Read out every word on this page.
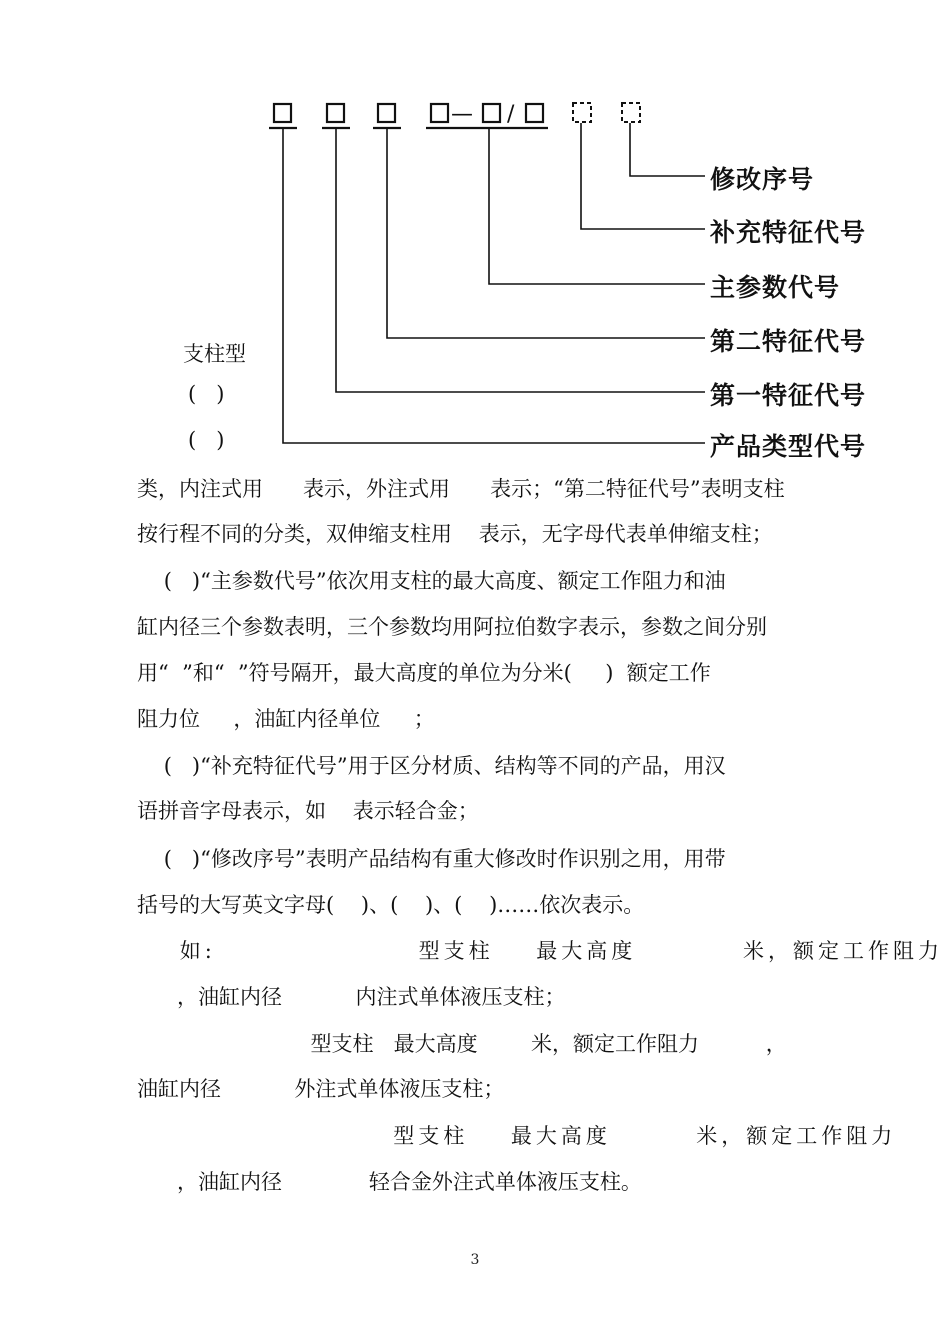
— /
修改序号
补充特征代号
主参数代号
第二特征代号
第一特征代号
产品类型代号
支柱型
(   )
(   )
类，内注式用      表示，外注式用      表示；“第二特征代号”表明支柱
按行程不同的分类，双伸缩支柱用    表示，无字母代表单伸缩支柱；
(   )“主参数代号”依次用支柱的最大高度、额定工作阻力和油
缸内径三个参数表明，三个参数均用阿拉伯数字表示，参数之间分别
用“  ”和“  ”符号隔开，最大高度的单位为分米(     )  额定工作
阻力位     ，油缸内径单位     ；
(   )“补充特征代号”用于区分材质、结构等不同的产品，用汉
语拼音字母表示，如    表示轻合金；
(   )“修改序号”表明产品结构有重大修改时作识别之用，用带
括号的大写英文字母(    )、(    )、(    )……依次表示。
如:                   型支柱    最大高度          米，额定工作阻力
，油缸内径           内注式单体液压支柱；
型支柱   最大高度        米，额定工作阻力          ，
油缸内径           外注式单体液压支柱；
型支柱    最大高度        米，额定工作阻力
，油缸内径             轻合金外注式单体液压支柱。
3
